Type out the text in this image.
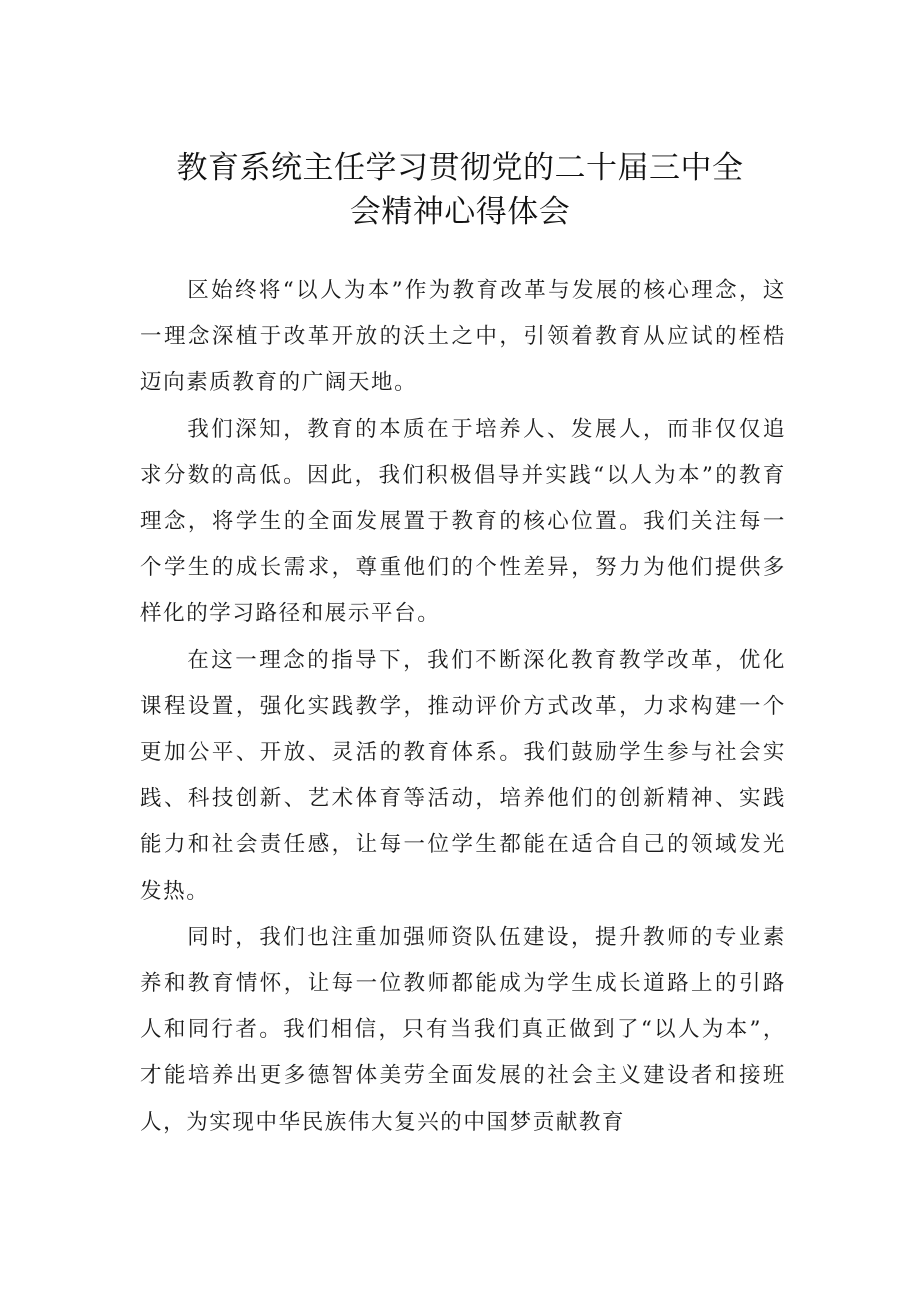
教育系统主任学习贯彻党的二十届三中全
会精神心得体会

区始终将“以人为本”作为教育改革与发展的核心理念，这一理念深植于改革开放的沃土之中，引领着教育从应试的桎梏迈向素质教育的广阔天地。

我们深知，教育的本质在于培养人、发展人，而非仅仅追求分数的高低。因此，我们积极倡导并实践“以人为本”的教育理念，将学生的全面发展置于教育的核心位置。我们关注每一个学生的成长需求，尊重他们的个性差异，努力为他们提供多样化的学习路径和展示平台。

在这一理念的指导下，我们不断深化教育教学改革，优化课程设置，强化实践教学，推动评价方式改革，力求构建一个更加公平、开放、灵活的教育体系。我们鼓励学生参与社会实践、科技创新、艺术体育等活动，培养他们的创新精神、实践能力和社会责任感，让每一位学生都能在适合自己的领域发光发热。

同时，我们也注重加强师资队伍建设，提升教师的专业素养和教育情怀，让每一位教师都能成为学生成长道路上的引路人和同行者。我们相信，只有当我们真正做到了“以人为本”，才能培养出更多德智体美劳全面发展的社会主义建设者和接班人，为实现中华民族伟大复兴的中国梦贡献教育
